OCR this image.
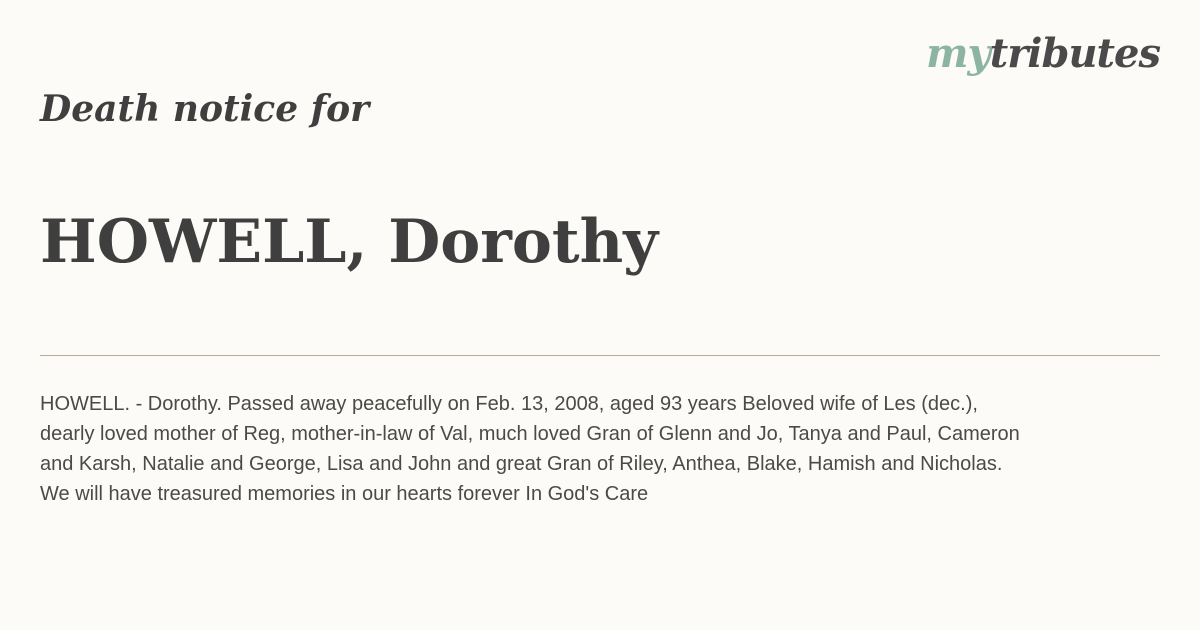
mytributes
Death notice for
HOWELL, Dorothy

HOWELL. - Dorothy. Passed away peacefully on Feb. 13, 2008, aged 93 years Beloved wife of Les (dec.),
dearly loved mother of Reg, mother-in-law of Val, much loved Gran of Glenn and Jo, Tanya and Paul, Cameron
and Karsh, Natalie and George, Lisa and John and great Gran of Riley, Anthea, Blake, Hamish and Nicholas.
We will have treasured memories in our hearts forever In God's Care
